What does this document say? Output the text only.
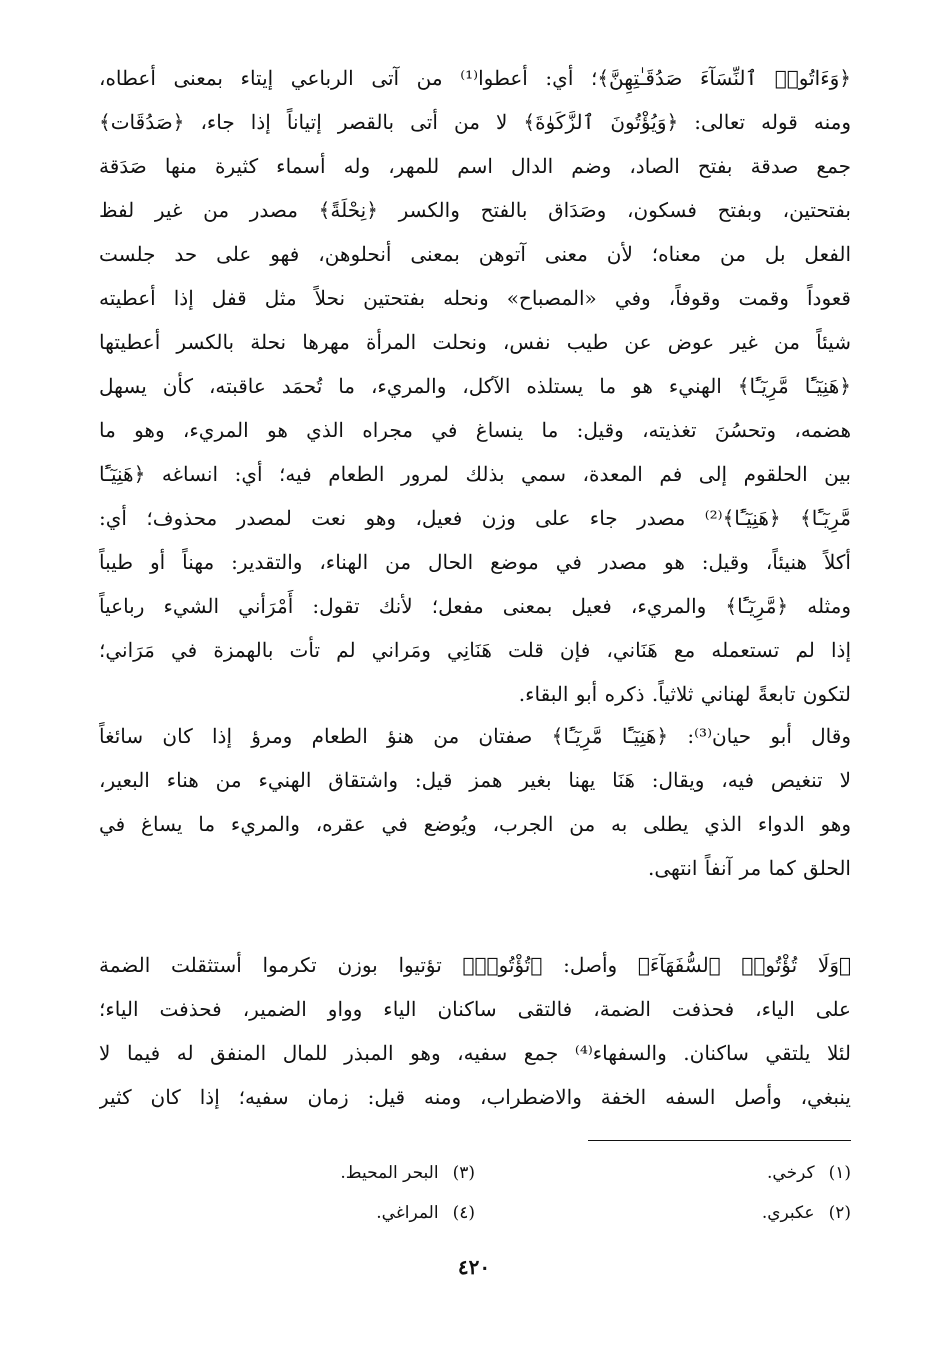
﴿وَءَاتُوا۟ ٱلنِّسَآءَ صَدُقَـٰتِهِنَّ﴾؛ أي: أعطوا⁽¹⁾ من آتى الرباعي إيتاء بمعنى أعطاه،
ومنه قوله تعالى: ﴿وَيُؤْتُونَ ٱلزَّكَوٰةَ﴾ لا من أتى بالقصر إتياناً إذا جاء، ﴿صَدُقَات﴾
جمع صدقة بفتح الصاد، وضم الدال اسم للمهر، وله أسماء كثيرة منها صَدَقة
بفتحتين، وبفتح فسكون، وصَدَاق بالفتح والكسر ﴿نِحْلَةً﴾ مصدر من غير لفظ
الفعل بل من معناه؛ لأن معنى آتوهن بمعنى أنحلوهن، فهو على حد جلست
قعوداً وقمت وقوفاً، وفي «المصباح» ونحله بفتحتين نحلاً مثل قفل إذا أعطيته
شيئاً من غير عوض عن طيب نفس، ونحلت المرأة مهرها نحلة بالكسر أعطيتها
﴿هَنِيٓـًٔا مَّرِيٓـًٔا﴾ الهنيء هو ما يستلذه الآكل، والمريء، ما تُحمَد عاقبته، كأن يسهل
هضمه، وتحسُنَ تغذيته، وقيل: ما ينساغ في مجراه الذي هو المريء، وهو ما
بين الحلقوم إلى فم المعدة، سمي بذلك لمرور الطعام فيه؛ أي: انساغه ﴿هَنِيٓـًٔا
مَّرِيٓـًٔا﴾ ﴿هَنِيٓـًٔا﴾⁽²⁾ مصدر جاء على وزن فعيل، وهو نعت لمصدر محذوف؛ أي:
أكلاً هنيئاً، وقيل: هو مصدر في موضع الحال من الهناء، والتقدير: مهناً أو طيباً
ومثله ﴿مَّرِيٓـًٔا﴾ والمريء، فعيل بمعنى مفعل؛ لأنك تقول: أَمْرَأني الشيء رباعياً
إذا لم تستعمله مع هَنَاني، فإن قلت هَنَانِي ومَراني لم تأت بالهمزة في مَرَاني؛
لتكون تابعةً لهناني ثلاثياً. ذكره أبو البقاء.
وقال أبو حيان⁽³⁾: ﴿هَنِيٓـًٔا مَّرِيٓـًٔا﴾ صفتان من هنؤ الطعام ومرؤ إذا كان سائغاً
لا تنغيص فيه، ويقال: هَنَا يهنا بغير همز قيل: واشتقاق الهنيء من هناء البعير،
وهو الدواء الذي يطلى به من الجرب، ويُوضع في عقره، والمريء ما يساغ في
الحلق كما مر آنفاً انتهى.
﴿وَلَا تُؤْتُوا۟ ٱلسُّفَهَآءَ﴾ وأصل: ﴿تُؤْتُوا۟﴾ تؤتيوا بوزن تكرموا أستثقلت الضمة
على الياء، فحذفت الضمة، فالتقى ساكنان الياء وواو الضمير، فحذفت الياء؛
لئلا يلتقي ساكنان. والسفهاء⁽⁴⁾ جمع سفيه، وهو المبذر للمال المنفق له فيما لا
ينبغي، وأصل السفه الخفة والاضطراب، ومنه قيل: زمان سفيه؛ إذا كان كثير
(١)كرخي.
(٣)البحر المحيط.
(٢)عكبري.
(٤)المراغي.
٤٢٠
